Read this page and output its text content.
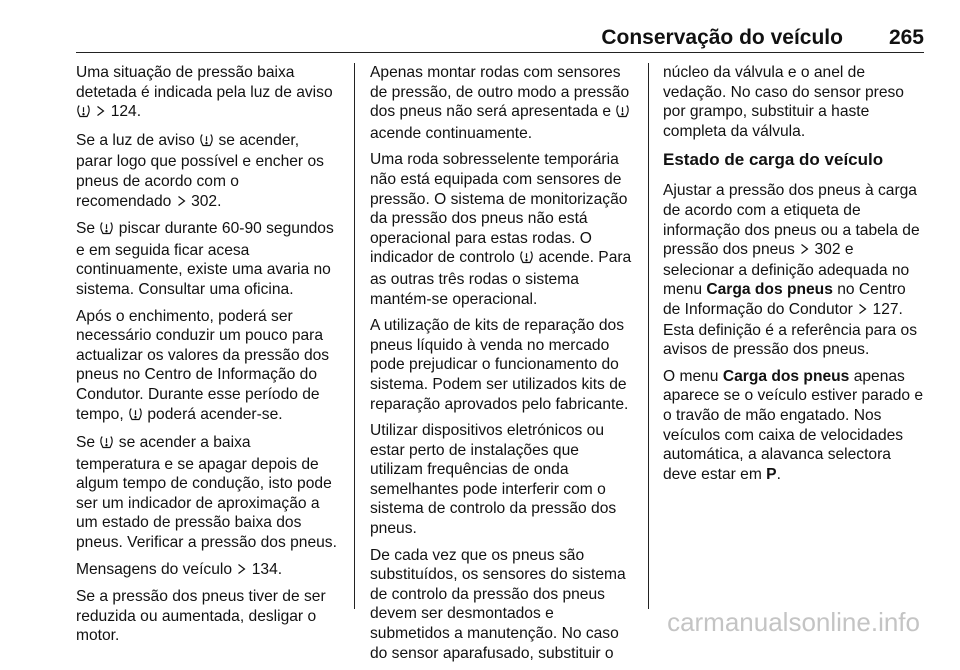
Conservação do veículo 265

Uma situação de pressão baixa detetada é indicada pela luz de aviso   124.

Se a luz de aviso se acender, parar logo que possível e encher os pneus de acordo com o recomendado 302.

Se piscar durante 60-90 segundos e em seguida ficar acesa continuamente, existe uma avaria no sistema. Consultar uma oficina.

Após o enchimento, poderá ser necessário conduzir um pouco para actualizar os valores da pressão dos pneus no Centro de Informação do Condutor. Durante esse período de tempo, poderá acender-se.

Se se acender a baixa temperatura e se apagar depois de algum tempo de condução, isto pode ser um indicador de aproximação a um estado de pressão baixa dos pneus. Verificar a pressão dos pneus.

Mensagens do veículo 134.

Se a pressão dos pneus tiver de ser reduzida ou aumentada, desligar o motor.

Apenas montar rodas com sensores de pressão, de outro modo a pressão dos pneus não será apresentada e  acende continuamente.

Uma roda sobresselente temporária não está equipada com sensores de pressão. O sistema de monitorização da pressão dos pneus não está operacional para estas rodas. O indicador de controlo acende. Para as outras três rodas o sistema mantém-se operacional.

A utilização de kits de reparação dos pneus líquido à venda no mercado pode prejudicar o funcionamento do sistema. Podem ser utilizados kits de reparação aprovados pelo fabricante.

Utilizar dispositivos eletrónicos ou estar perto de instalações que utilizam frequências de onda semelhantes pode interferir com o sistema de controlo da pressão dos pneus.

De cada vez que os pneus são substituídos, os sensores do sistema de controlo da pressão dos pneus devem ser desmontados e submetidos a manutenção. No caso do sensor aparafusado, substituir o

núcleo da válvula e o anel de vedação. No caso do sensor preso por grampo, substituir a haste completa da válvula.

Estado de carga do veículo

Ajustar a pressão dos pneus à carga de acordo com a etiqueta de informação dos pneus ou a tabela de pressão dos pneus 302 e selecionar a definição adequada no menu Carga dos pneus no Centro de Informação do Condutor 127. Esta definição é a referência para os avisos de pressão dos pneus.

O menu Carga dos pneus apenas aparece se o veículo estiver parado e o travão de mão engatado. Nos veículos com caixa de velocidades automática, a alavanca selectora deve estar em P.

carmanualsonline.info
